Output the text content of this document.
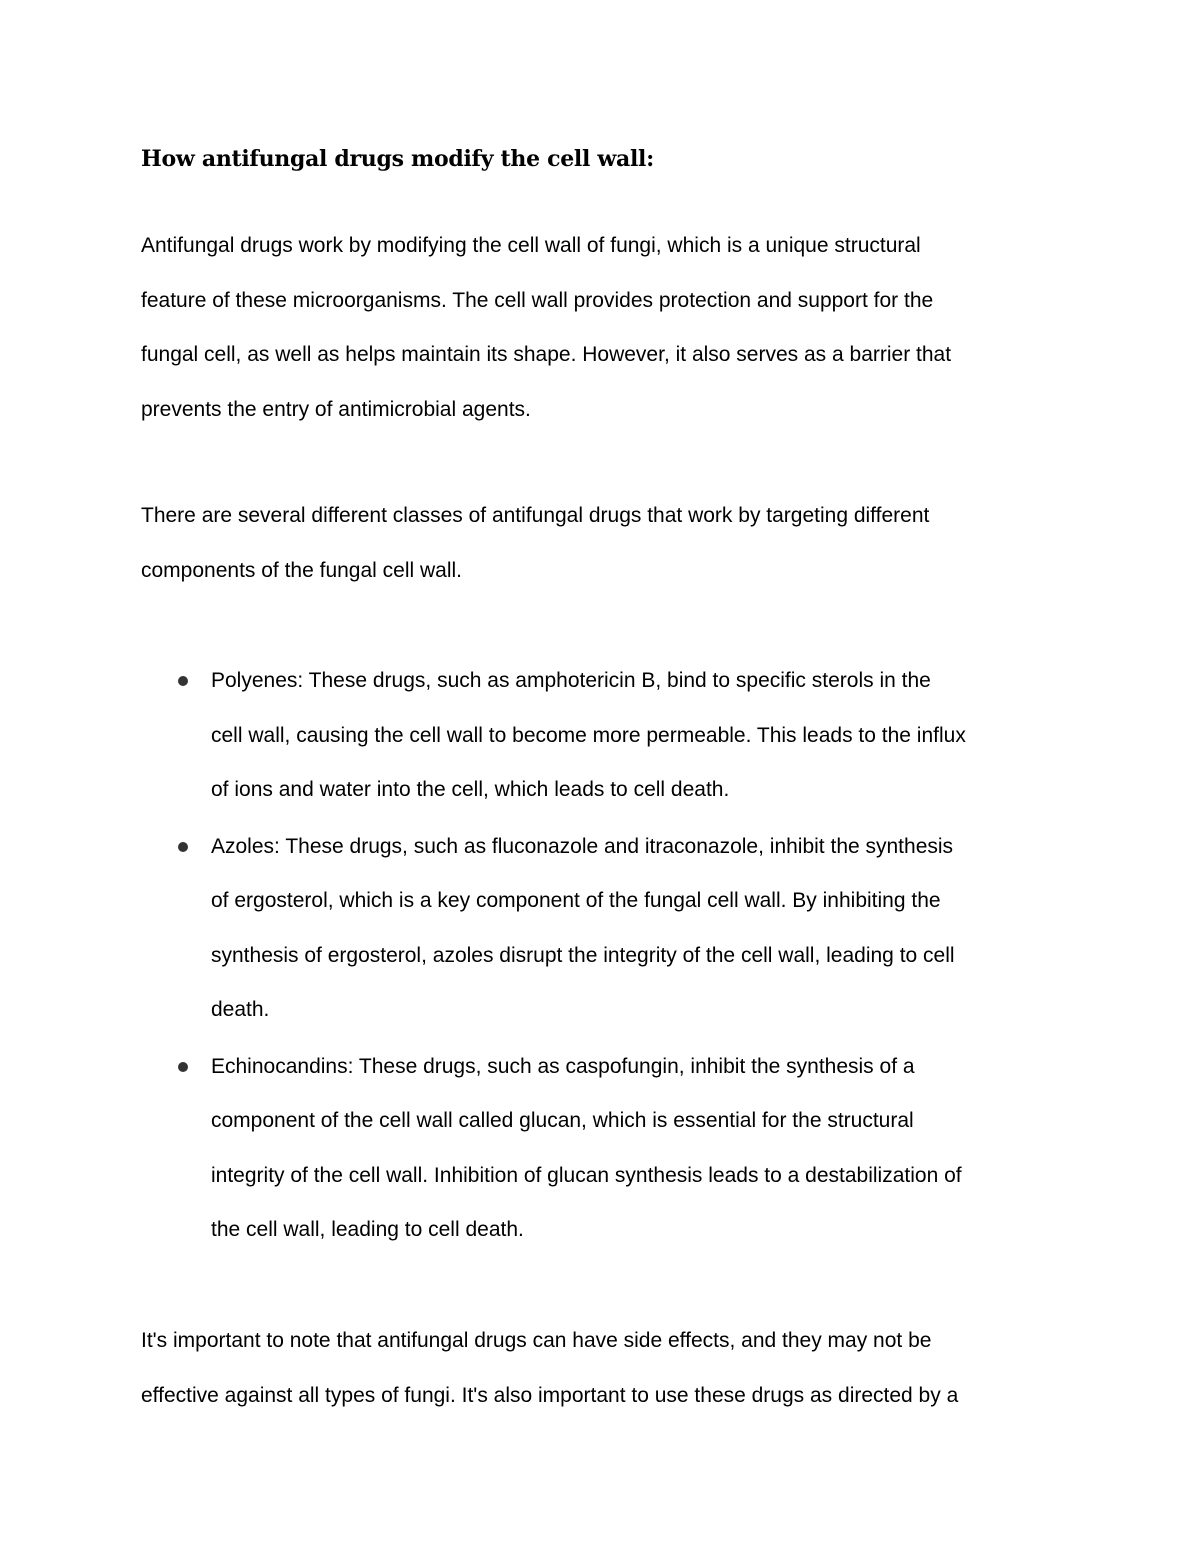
How antifungal drugs modify the cell wall:

Antifungal drugs work by modifying the cell wall of fungi, which is a unique structural
feature of these microorganisms. The cell wall provides protection and support for the
fungal cell, as well as helps maintain its shape. However, it also serves as a barrier that
prevents the entry of antimicrobial agents.

There are several different classes of antifungal drugs that work by targeting different
components of the fungal cell wall.

Polyenes: These drugs, such as amphotericin B, bind to specific sterols in the
cell wall, causing the cell wall to become more permeable. This leads to the influx
of ions and water into the cell, which leads to cell death.
Azoles: These drugs, such as fluconazole and itraconazole, inhibit the synthesis
of ergosterol, which is a key component of the fungal cell wall. By inhibiting the
synthesis of ergosterol, azoles disrupt the integrity of the cell wall, leading to cell
death.
Echinocandins: These drugs, such as caspofungin, inhibit the synthesis of a
component of the cell wall called glucan, which is essential for the structural
integrity of the cell wall. Inhibition of glucan synthesis leads to a destabilization of
the cell wall, leading to cell death.

It's important to note that antifungal drugs can have side effects, and they may not be
effective against all types of fungi. It's also important to use these drugs as directed by a
